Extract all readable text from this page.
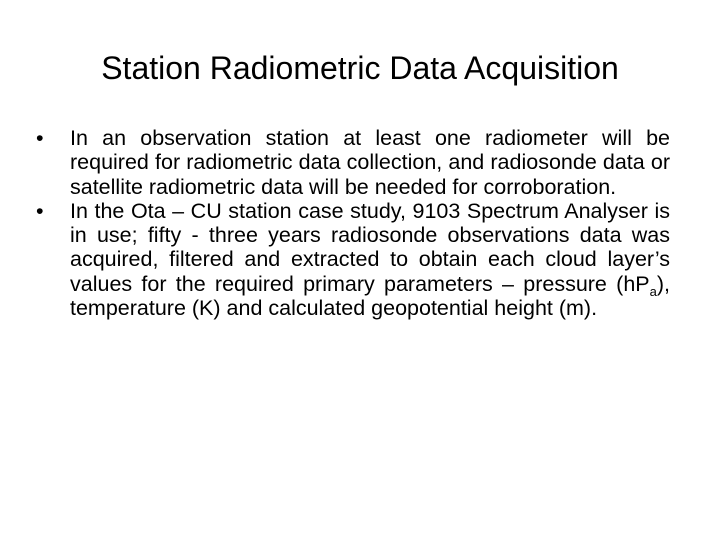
Station Radiometric Data Acquisition
•	In an observation station at least one radiometer will be required for radiometric data collection, and radiosonde data or satellite radiometric data will be needed for corroboration.
•	In the Ota – CU station case study, 9103 Spectrum Analyser is in use; fifty - three years radiosonde observations data was acquired, filtered and extracted to obtain each cloud layer’s values for the required primary parameters – pressure $(hP_a)$, temperature (K) and calculated geopotential height (m).
